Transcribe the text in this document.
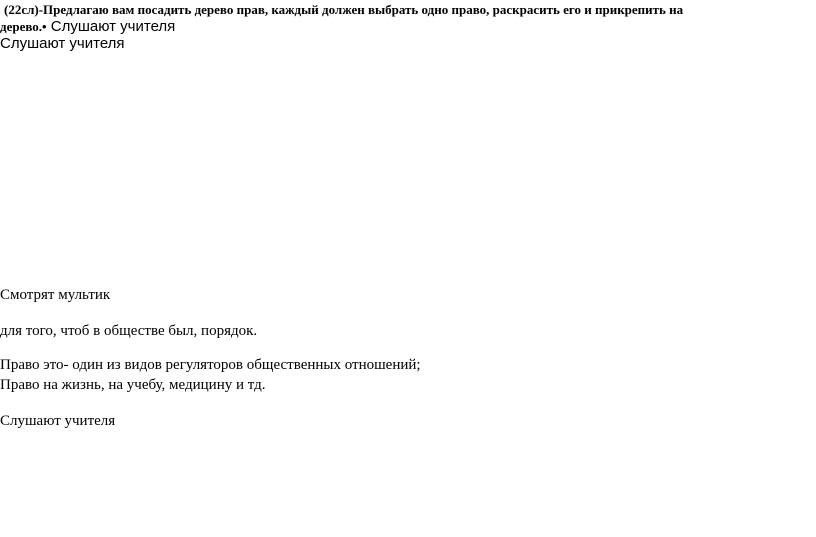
(22сл)-Предлагаю вам посадить дерево прав, каждый должен выбрать одно право, раскрасить его и прикрепить на
дерево.• Слушают учителя
Слушают учителя
Смотрят мультик
для того, чтоб в обществе был, порядок.
Право это- один из видов регуляторов общественных отношений;
Право на жизнь, на учебу, медицину и тд.
Слушают учителя
